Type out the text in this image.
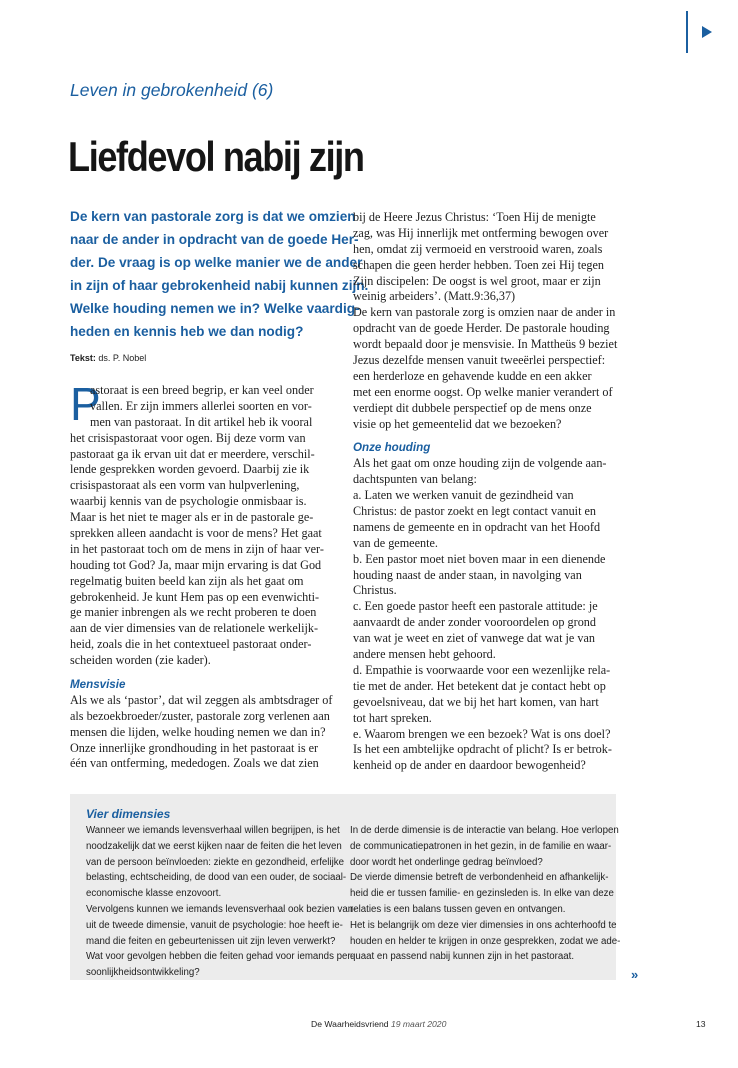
Leven in gebrokenheid (6)
Liefdevol nabij zijn
De kern van pastorale zorg is dat we omzien
naar de ander in opdracht van de goede Her-
der. De vraag is op welke manier we de ander
in zijn of haar gebrokenheid nabij kunnen zijn.
Welke houding nemen we in? Welke vaardig-
heden en kennis heb we dan nodig?
Tekst: ds. P. Nobel
P
astoraat is een breed begrip, er kan veel onder
vallen. Er zijn immers allerlei soorten en vor-
men van pastoraat. In dit artikel heb ik vooral
het crisispastoraat voor ogen. Bij deze vorm van
pastoraat ga ik ervan uit dat er meerdere, verschil-
lende gesprekken worden gevoerd. Daarbij zie ik
crisispastoraat als een vorm van hulpverlening,
waarbij kennis van de psychologie onmisbaar is.
Maar is het niet te mager als er in de pastorale ge-
sprekken alleen aandacht is voor de mens? Het gaat
in het pastoraat toch om de mens in zijn of haar ver-
houding tot God? Ja, maar mijn ervaring is dat God
regelmatig buiten beeld kan zijn als het gaat om
gebrokenheid. Je kunt Hem pas op een evenwichti-
ge manier inbrengen als we recht proberen te doen
aan de vier dimensies van de relationele werkelijk-
heid, zoals die in het contextueel pastoraat onder-
scheiden worden (zie kader).
Mensvisie
Als we als ‘pastor’, dat wil zeggen als ambtsdrager of
als bezoekbroeder/zuster, pastorale zorg verlenen aan
mensen die lijden, welke houding nemen we dan in?
Onze innerlijke grondhouding in het pastoraat is er
één van ontferming, mededogen. Zoals we dat zien
bij de Heere Jezus Christus: ‘Toen Hij de menigte
zag, was Hij innerlijk met ontferming bewogen over
hen, omdat zij vermoeid en verstrooid waren, zoals
schapen die geen herder hebben. Toen zei Hij tegen
Zijn discipelen: De oogst is wel groot, maar er zijn
weinig arbeiders’. (Matt.9:36,37)
De kern van pastorale zorg is omzien naar de ander in
opdracht van de goede Herder. De pastorale houding
wordt bepaald door je mensvisie. In Mattheüs 9 beziet
Jezus dezelfde mensen vanuit tweeërlei perspectief:
een herderloze en gehavende kudde en een akker
met een enorme oogst. Op welke manier verandert of
verdiept dit dubbele perspectief op de mens onze
visie op het gemeentelid dat we bezoeken?
Onze houding
Als het gaat om onze houding zijn de volgende aan-
dachtspunten van belang:
a. Laten we werken vanuit de gezindheid van
Christus: de pastor zoekt en legt contact vanuit en
namens de gemeente en in opdracht van het Hoofd
van de gemeente.
b. Een pastor moet niet boven maar in een dienende
houding naast de ander staan, in navolging van
Christus.
c. Een goede pastor heeft een pastorale attitude: je
aanvaardt de ander zonder vooroordelen op grond
van wat je weet en ziet of vanwege dat wat je van
andere mensen hebt gehoord.
d. Empathie is voorwaarde voor een wezenlijke rela-
tie met de ander. Het betekent dat je contact hebt op
gevoelsniveau, dat we bij het hart komen, van hart
tot hart spreken.
e. Waarom brengen we een bezoek? Wat is ons doel?
Is het een ambtelijke opdracht of plicht? Is er betrok-
kenheid op de ander en daardoor bewogenheid?
Vier dimensies
Wanneer we iemands levensverhaal willen begrijpen, is het
noodzakelijk dat we eerst kijken naar de feiten die het leven
van de persoon beïnvloeden: ziekte en gezondheid, erfelijke
belasting, echtscheiding, de dood van een ouder, de sociaal-
economische klasse enzovoort.
Vervolgens kunnen we iemands levensverhaal ook bezien van-
uit de tweede dimensie, vanuit de psychologie: hoe heeft ie-
mand die feiten en gebeurtenissen uit zijn leven verwerkt?
Wat voor gevolgen hebben die feiten gehad voor iemands per-
soonlijkheidsontwikkeling?
In de derde dimensie is de interactie van belang. Hoe verlopen
de communicatiepatronen in het gezin, in de familie en waar-
door wordt het onderlinge gedrag beïnvloed?
De vierde dimensie betreft de verbondenheid en afhankelijk-
heid die er tussen familie- en gezinsleden is. In elke van deze
relaties is een balans tussen geven en ontvangen.
Het is belangrijk om deze vier dimensies in ons achterhoofd te
houden en helder te krijgen in onze gesprekken, zodat we ade-
quaat en passend nabij kunnen zijn in het pastoraat.
»
De Waarheidsvriend 19 maart 2020	13
